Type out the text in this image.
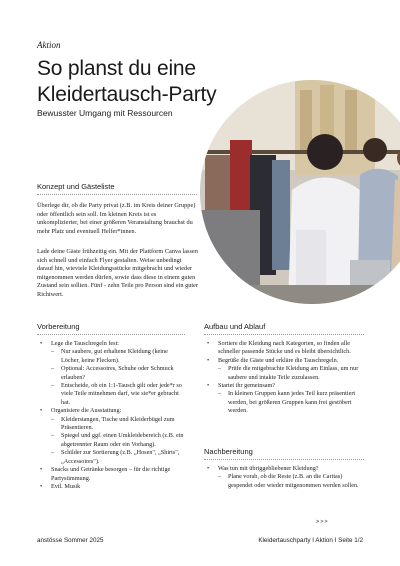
Aktion
So planst du eine Kleidertausch-Party
Bewusster Umgang mit Ressourcen
Konzept und Gästeliste

Überlege dir, ob die Party privat (z.B. im Kreis deiner Gruppe) oder öffentlich sein soll. Im kleinen Kreis ist es unkomplizierter, bei einer größeren Veranstaltung brauchst du mehr Platz und eventuell Helfer*innen.

Lade deine Gäste frühzeitig ein. Mit der Plattform Canva lassen sich schnell und einfach Flyer gestalten. Weise unbedingt darauf hin, wieviele Kleidungsstücke mitgebracht und wieder mitgenommen werden dürfen, sowie dass diese in einem guten Zustand sein sollten. Fünf - zehn Teile pro Person sind ein guter Richtwert.

Vorbereitung
• Lege die Tauschregeln fest:
– Nur saubere, gut erhaltene Kleidung (keine Löcher, keine Flecken).
– Optional: Accessoires, Schuhe oder Schmuck erlauben?
– Entscheide, ob ein 1:1-Tausch gilt oder jede*r so viele Teile mitnehmen darf, wie sie*er gebracht hat.
• Organisiere die Ausstattung:
– Kleiderstangen, Tische und Kleiderbügel zum Präsentieren.
– Spiegel und ggf. einen Umkleidebereich (z.B. ein abgetrennter Raum oder ein Vorhang).
– Schilder zur Sortierung (z.B. „Hosen", „Shirts", „Accessoires").
• Snacks und Getränke besorgen – für die richtige Partystimmung.
• Evtl. Musik
Aufbau und Ablauf
• Sortiere die Kleidung nach Kategorien, so finden alle schneller passende Stücke und es bleibt übersichtlich.
• Begrüße die Gäste und erkläre die Tauschregeln.
– Prüfe die mitgebrachte Kleidung am Einlass, um nur saubere und intakte Teile zuzulassen.
• Startet ihr gemeinsam?
– In kleinen Gruppen kann jedes Teil kurz präsentiert werden, bei größeren Gruppen kann frei gestöbert werden.
Nachbereitung
• Was tun mit übriggebliebener Kleidung?
– Plane vorab, ob die Reste (z.B. an die Caritas) gespendet oder wieder mitgenommen werden sollen.
>>>
anstösse Sommer 2025	Kleidertauschparty I Aktion I Seite 1/2
